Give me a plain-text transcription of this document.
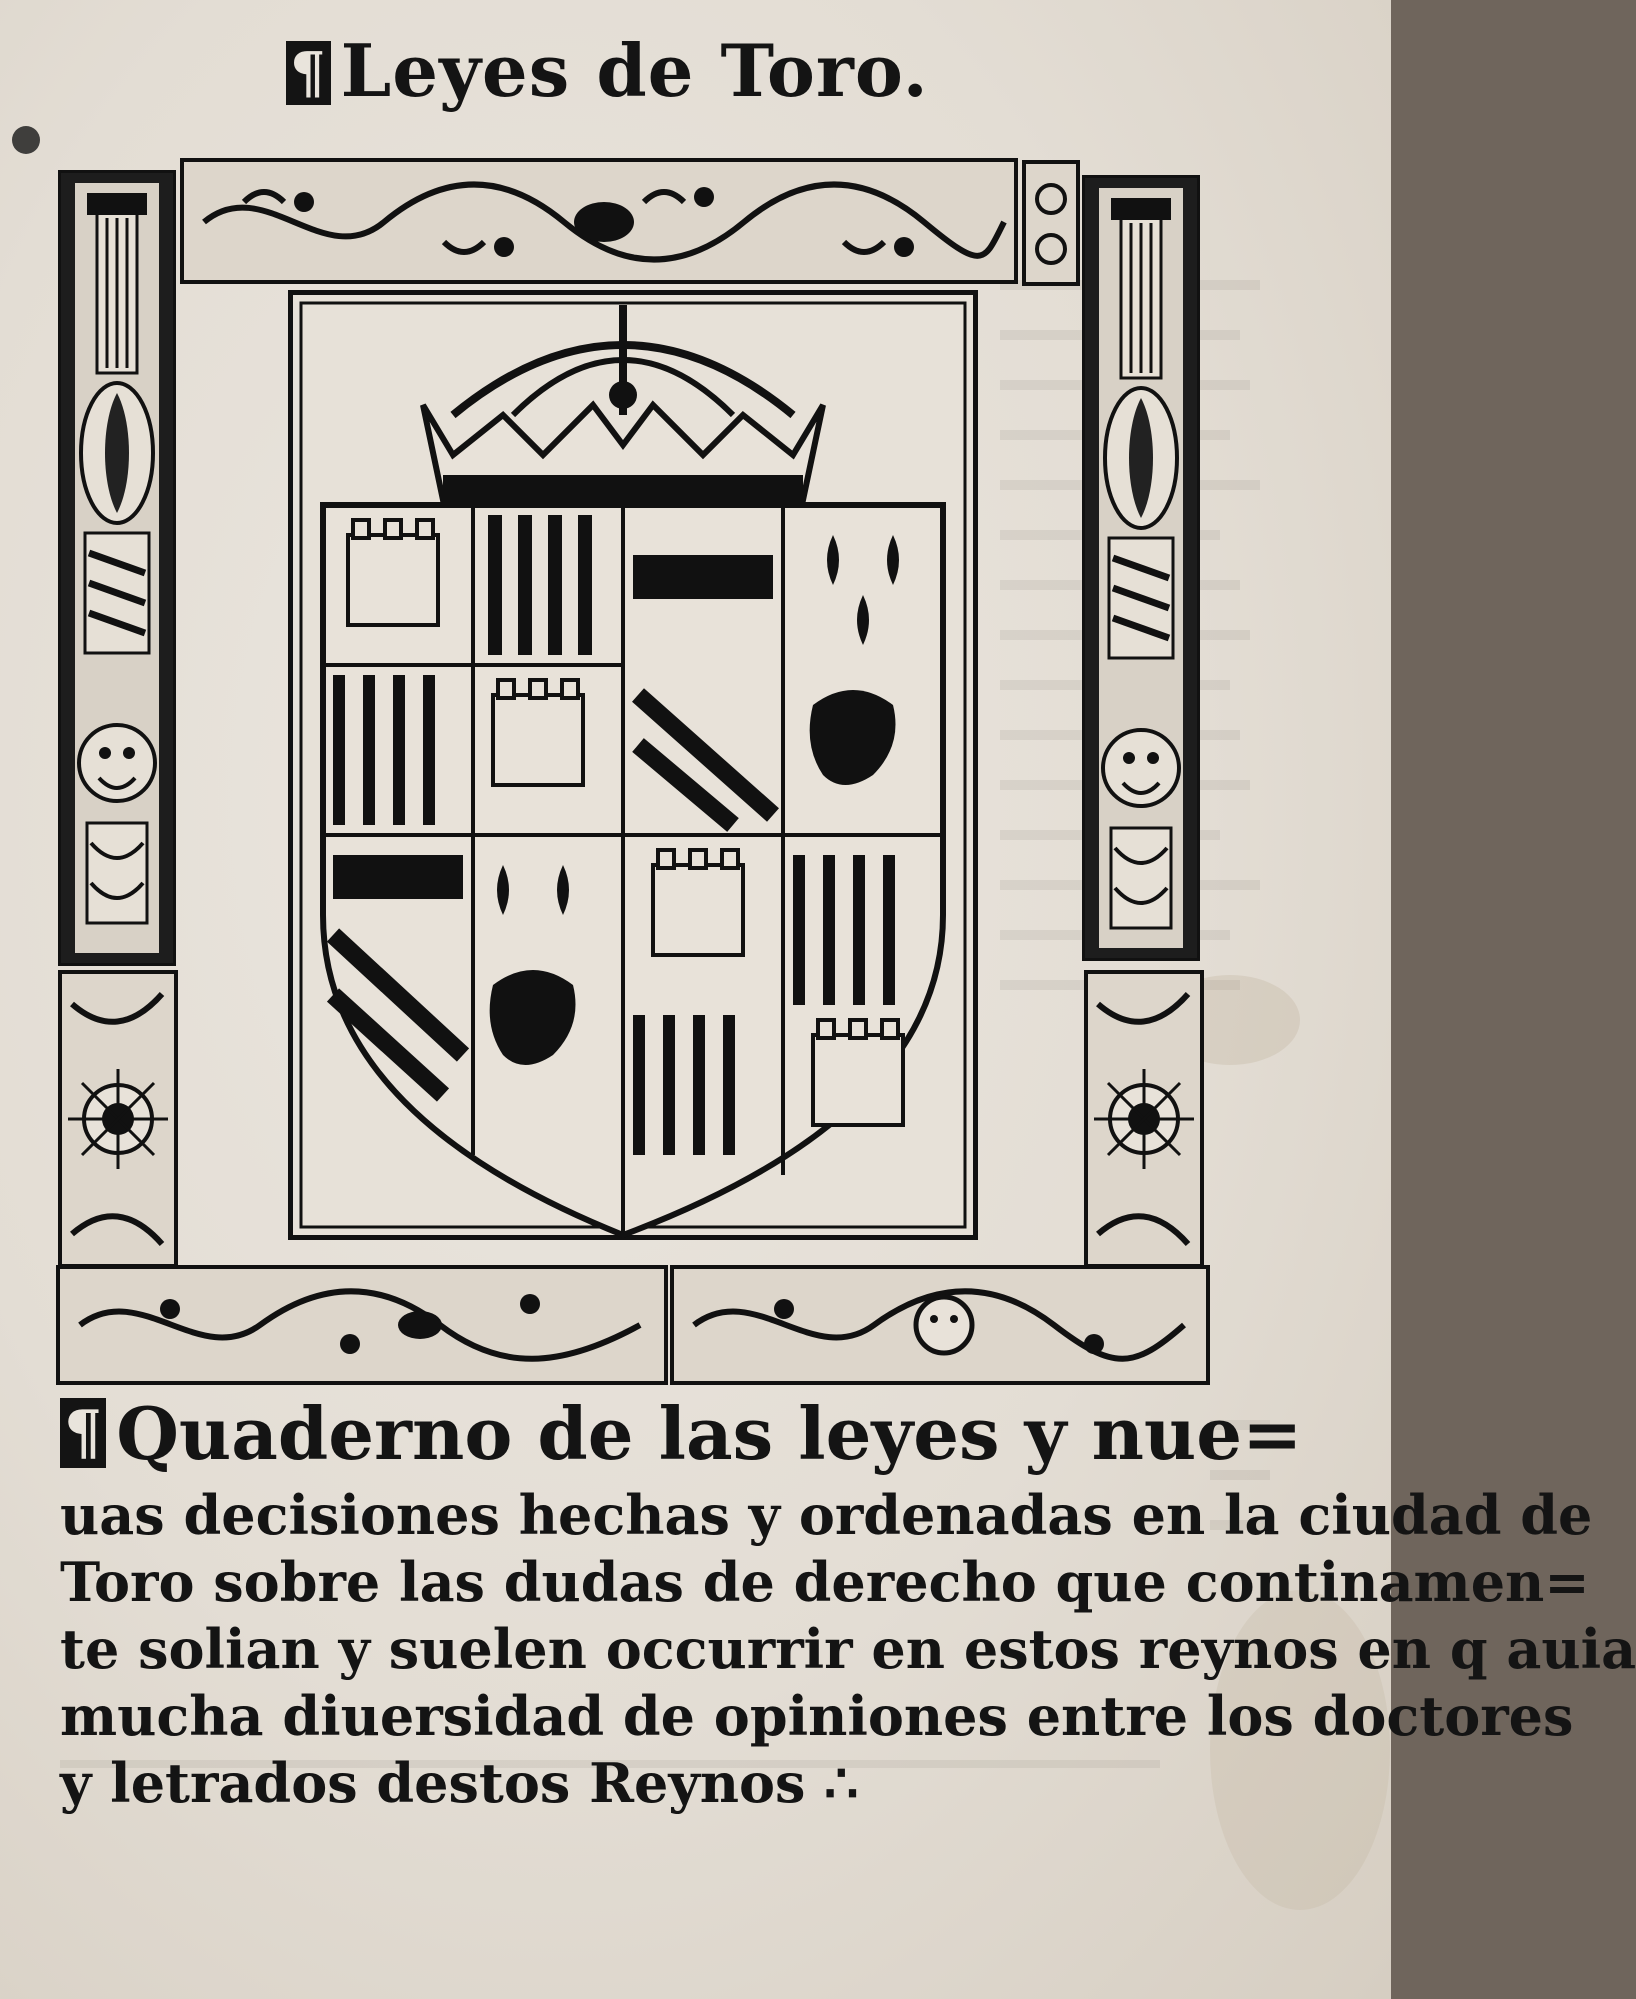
¶ Leyes de Toro.
¶ Quaderno de las leyes y nue=
uas decisiones hechas y ordenadas en la ciudad de
Toro sobre las dudas de derecho que continamen=
te solian y suelen occurrir en estos reynos en q auia
mucha diuersidad de opiniones entre los doctores
y letrados destos Reynos ∴
